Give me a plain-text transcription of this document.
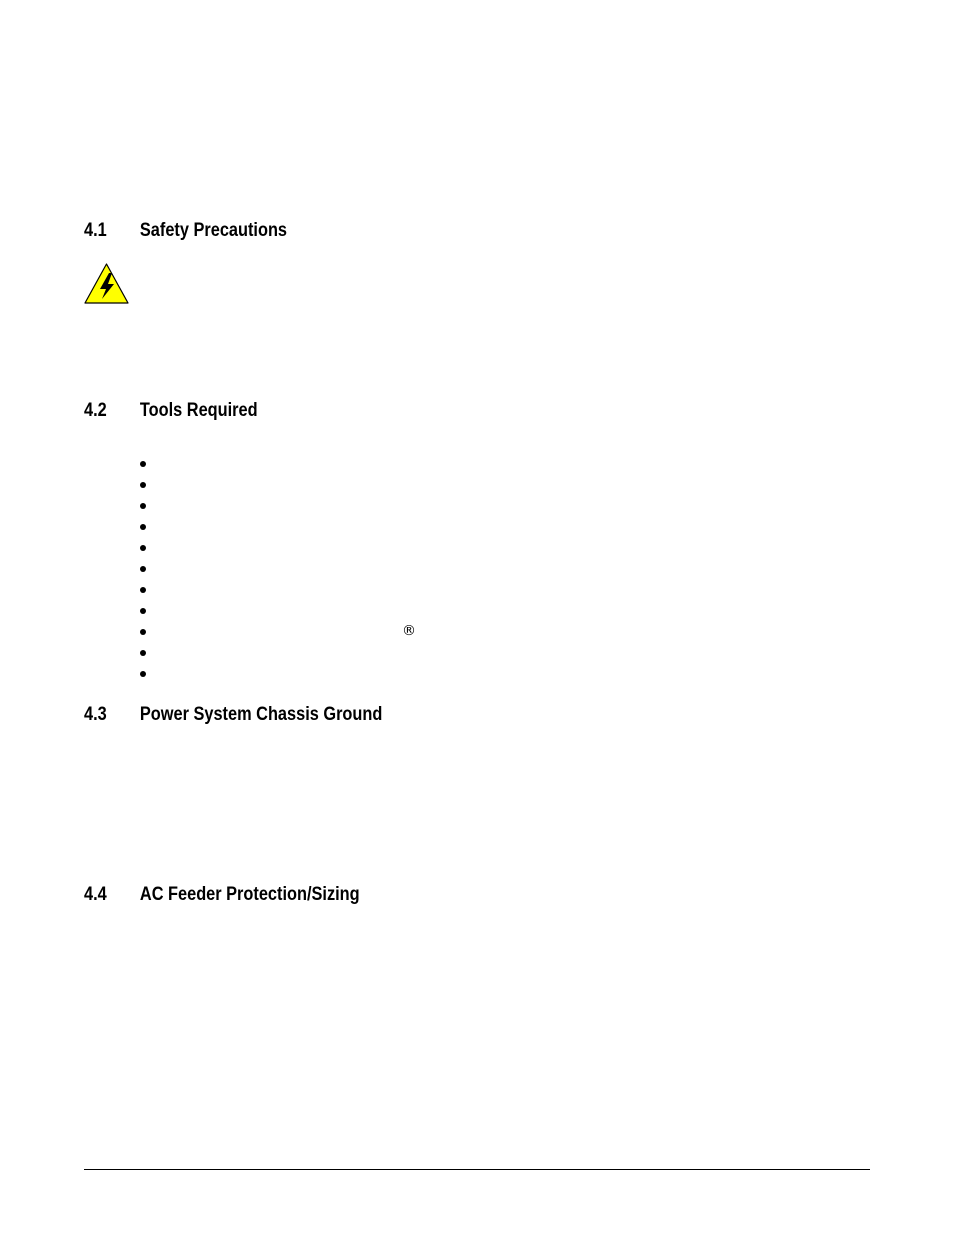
4.1	Safety Precautions
4.2	Tools Required
®
4.3	Power System Chassis Ground
4.4	AC Feeder Protection/Sizing
